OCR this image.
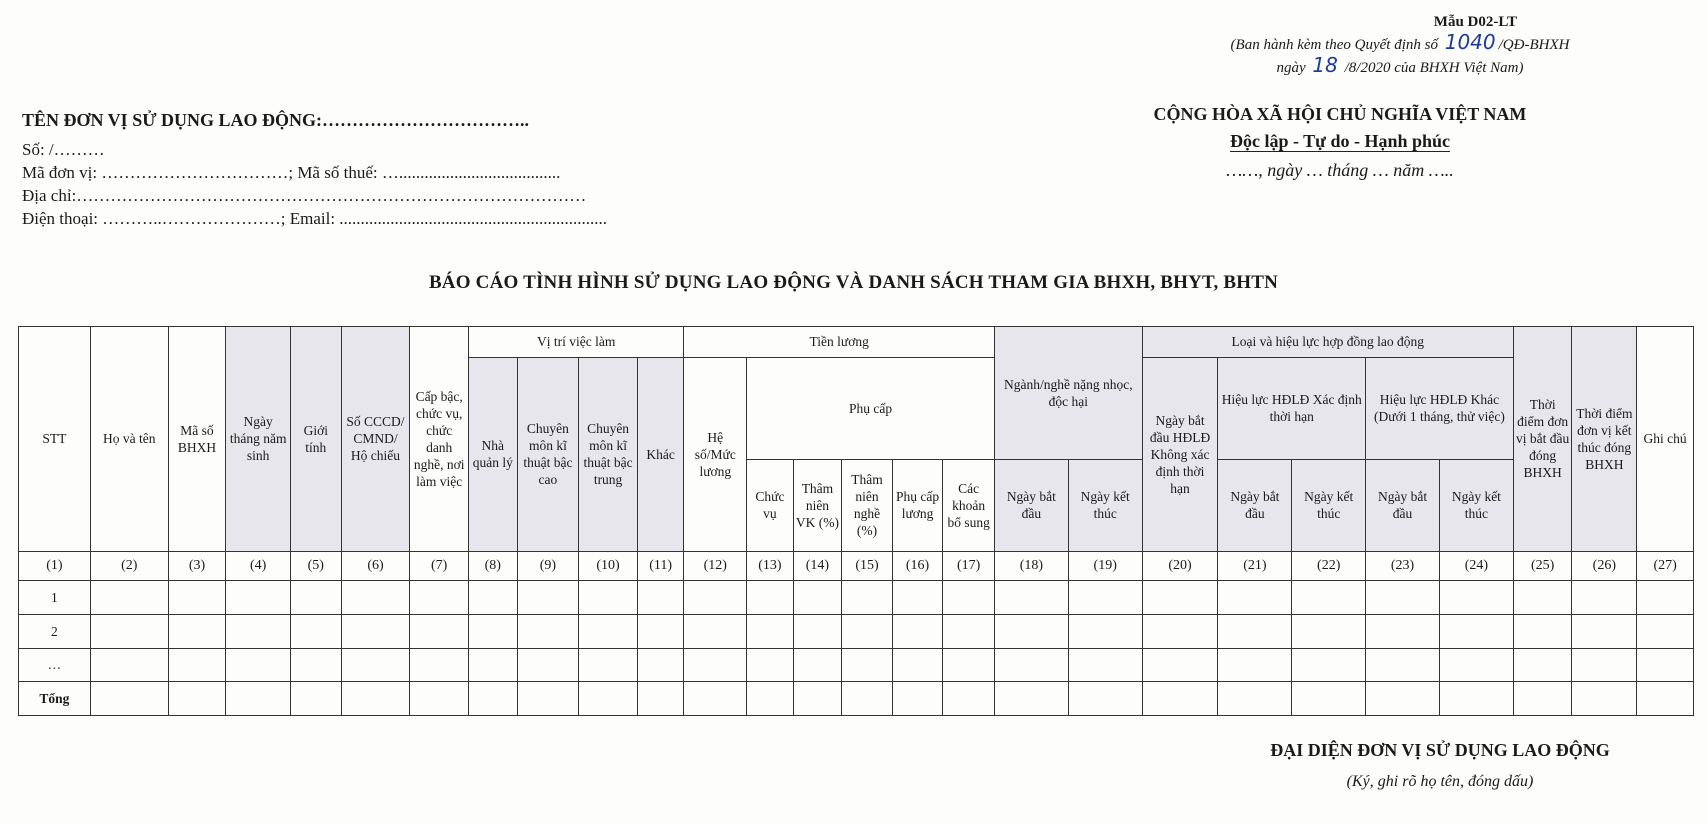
Mẫu D02-LT
(Ban hành kèm theo Quyết định số 1040 /QĐ-BHXH
ngày 18 /8/2020 của BHXH Việt Nam)
TÊN ĐƠN VỊ SỬ DỤNG LAO ĐỘNG:……………………………..
Số: /………
Mã đơn vị: ……………………………; Mã số thuế: …......................................
Địa chỉ:………………………………………………………………………………
Điện thoại: ………..…………………; Email: ...............................................................
CỘNG HÒA XÃ HỘI CHỦ NGHĨA VIỆT NAM
Độc lập - Tự do - Hạnh phúc
……, ngày … tháng … năm …..
BÁO CÁO TÌNH HÌNH SỬ DỤNG LAO ĐỘNG VÀ DANH SÁCH THAM GIA BHXH, BHYT, BHTN
STT	Họ và tên	Mã số BHXH	Ngày tháng năm sinh	Giới tính	Số CCCD/ CMND/ Hộ chiếu	Cấp bậc, chức vụ, chức danh nghề, nơi làm việc	Vị trí việc làm				Tiền lương						Ngành/nghề nặng nhọc, độc hại		Loại và hiệu lực hợp đồng lao động					Thời điểm đơn vị bắt đầu đóng BHXH	Thời điểm đơn vị kết thúc đóng BHXH	Ghi chú
							Nhà quản lý	Chuyên môn kĩ thuật bậc cao	Chuyên môn kĩ thuật bậc trung	Khác	Hệ số/Mức lương	Phụ cấp							Ngày bắt đầu HĐLĐ Không xác định thời hạn	Hiệu lực HĐLĐ Xác định thời hạn		Hiệu lực HĐLĐ Khác (Dưới 1 tháng, thử việc)				
												Chức vụ	Thâm niên VK (%)	Thâm niên nghề (%)	Phụ cấp lương	Các khoản bổ sung	Ngày bắt đầu	Ngày kết thúc		Ngày bắt đầu	Ngày kết thúc	Ngày bắt đầu	Ngày kết thúc			
(1)	(2)	(3)	(4)	(5)	(6)	(7)	(8)	(9)	(10)	(11)	(12)	(13)	(14)	(15)	(16)	(17)	(18)	(19)	(20)	(21)	(22)	(23)	(24)	(25)	(26)	(27)
1																										
2																										
…																										
Tổng																										
ĐẠI DIỆN ĐƠN VỊ SỬ DỤNG LAO ĐỘNG
(Ký, ghi rõ họ tên, đóng dấu)
